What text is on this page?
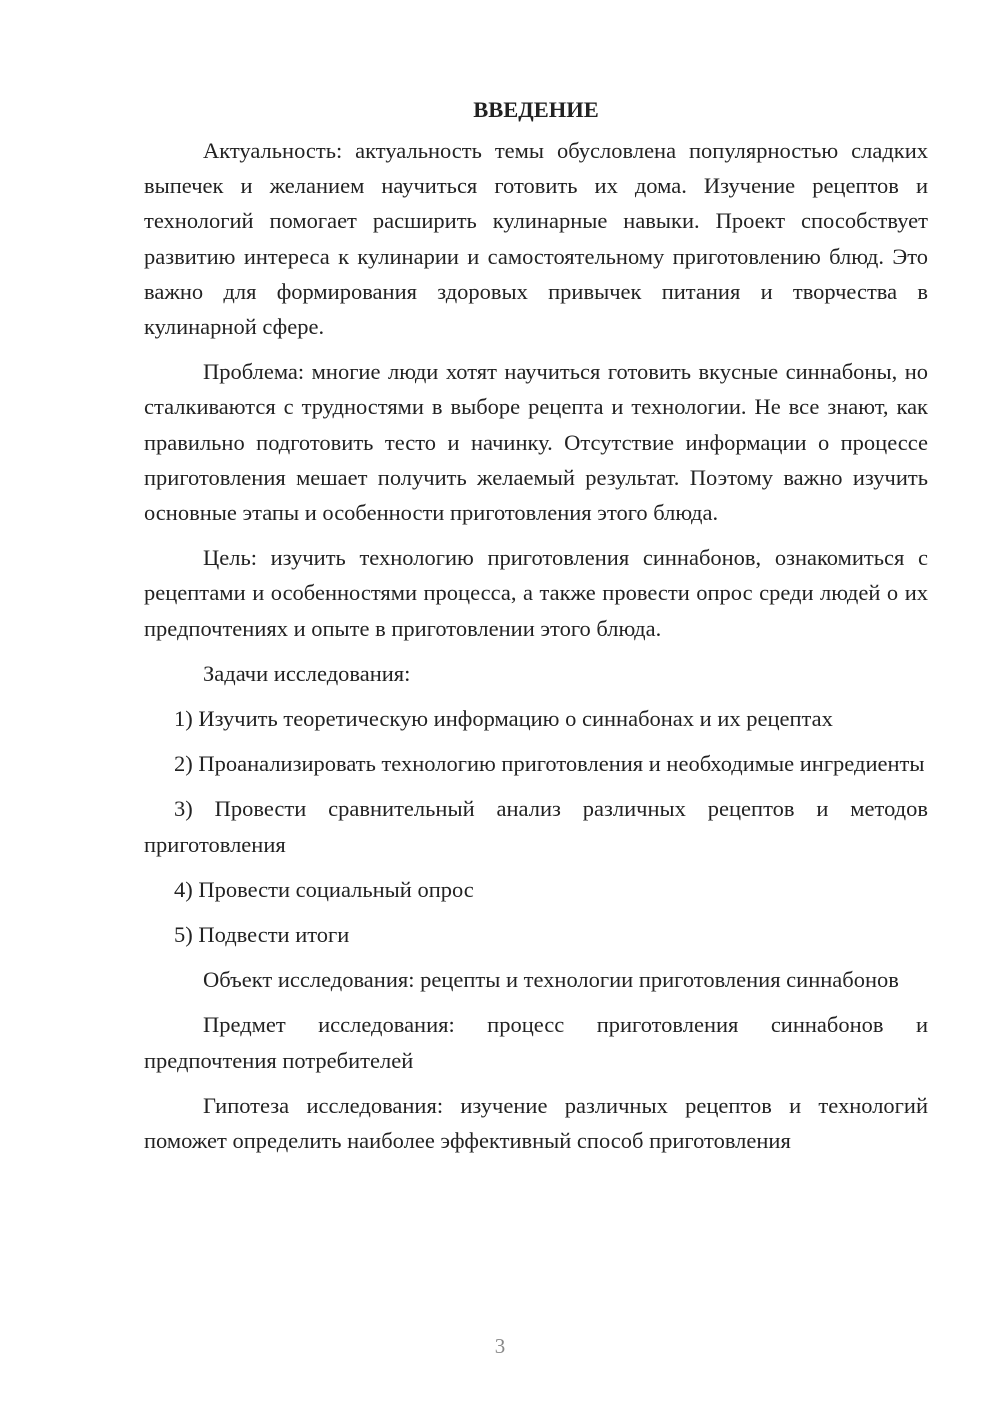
ВВЕДЕНИЕ

Актуальность: актуальность темы обусловлена популярностью сладких выпечек и желанием научиться готовить их дома. Изучение рецептов и технологий помогает расширить кулинарные навыки. Проект способствует развитию интереса к кулинарии и самостоятельному приготовлению блюд. Это важно для формирования здоровых привычек питания и творчества в кулинарной сфере.

Проблема: многие люди хотят научиться готовить вкусные синнабоны, но сталкиваются с трудностями в выборе рецепта и технологии. Не все знают, как правильно подготовить тесто и начинку. Отсутствие информации о процессе приготовления мешает получить желаемый результат. Поэтому важно изучить основные этапы и особенности приготовления этого блюда.

Цель: изучить технологию приготовления синнабонов, ознакомиться с рецептами и особенностями процесса, а также провести опрос среди людей о их предпочтениях и опыте в приготовлении этого блюда.

Задачи исследования:

1) Изучить теоретическую информацию о синнабонах и их рецептах

2) Проанализировать технологию приготовления и необходимые ингредиенты

3) Провести сравнительный анализ различных рецептов и методов приготовления

4) Провести социальный опрос

5) Подвести итоги

Объект исследования: рецепты и технологии приготовления синнабонов

Предмет исследования: процесс приготовления синнабонов и предпочтения потребителей

Гипотеза исследования: изучение различных рецептов и технологий поможет определить наиболее эффективный способ приготовления

3
